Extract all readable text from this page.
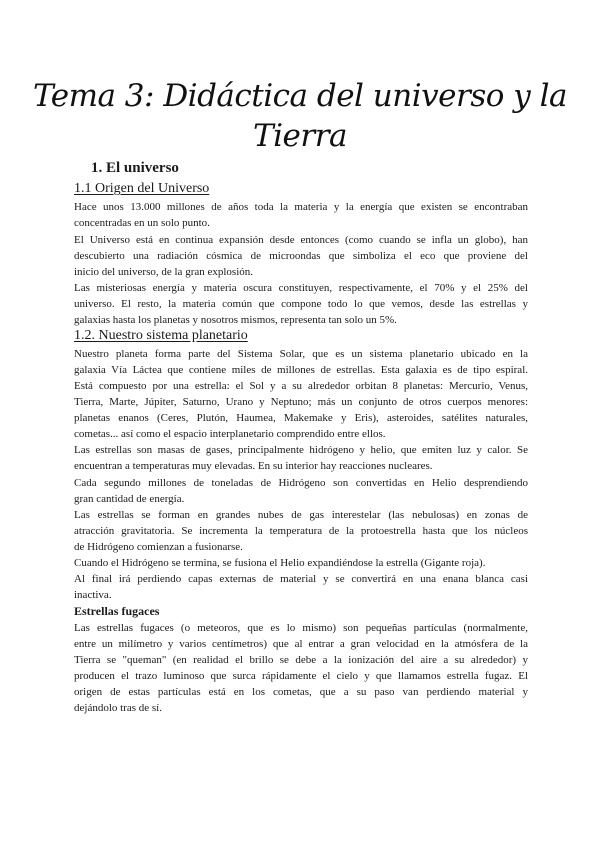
Tema 3: Didáctica del universo y la
Tierra
1. El universo
1.1 Origen del Universo
Hace unos 13.000 millones de años toda la materia y la energía que existen se encontraban
concentradas en un solo punto.
El Universo está en continua expansión desde entonces (como cuando se infla un globo), han
descubierto una radiación cósmica de microondas que simboliza el eco que proviene del
inicio del universo, de la gran explosión.
Las misteriosas energía y materia oscura constituyen, respectivamente, el 70% y el 25% del
universo. El resto, la materia común que compone todo lo que vemos, desde las estrellas y
galaxias hasta los planetas y nosotros mismos, representa tan solo un 5%.
1.2. Nuestro sistema planetario
Nuestro planeta forma parte del Sistema Solar, que es un sistema planetario ubicado en la
galaxia Vía Láctea que contiene miles de millones de estrellas. Esta galaxia es de tipo espiral.
Está compuesto por una estrella: el Sol y a su alrededor orbitan 8 planetas: Mercurio, Venus,
Tierra, Marte, Júpiter, Saturno, Urano y Neptuno; más un conjunto de otros cuerpos menores:
planetas enanos (Ceres, Plutón, Haumea, Makemake y Eris), asteroides, satélites naturales,
cometas... así como el espacio interplanetario comprendido entre ellos.
Las estrellas son masas de gases, principalmente hidrógeno y helio, que emiten luz y calor. Se
encuentran a temperaturas muy elevadas. En su interior hay reacciones nucleares.
Cada segundo millones de toneladas de Hidrógeno son convertidas en Helio desprendiendo
gran cantidad de energía.
Las estrellas se forman en grandes nubes de gas interestelar (las nebulosas) en zonas de
atracción gravitatoria. Se incrementa la temperatura de la protoestrella hasta que los núcleos
de Hidrógeno comienzan a fusionarse.
Cuando el Hidrógeno se termina, se fusiona el Helio expandiéndose la estrella (Gigante roja).
Al final irá perdiendo capas externas de material y se convertirá en una enana blanca casi
inactiva.
Estrellas fugaces
Las estrellas fugaces (o meteoros, que es lo mismo) son pequeñas partículas (normalmente,
entre un milímetro y varios centímetros) que al entrar a gran velocidad en la atmósfera de la
Tierra se "queman" (en realidad el brillo se debe a la ionización del aire a su alrededor) y
producen el trazo luminoso que surca rápidamente el cielo y que llamamos estrella fugaz. El
origen de estas partículas está en los cometas, que a su paso van perdiendo material y
dejándolo tras de sí.
